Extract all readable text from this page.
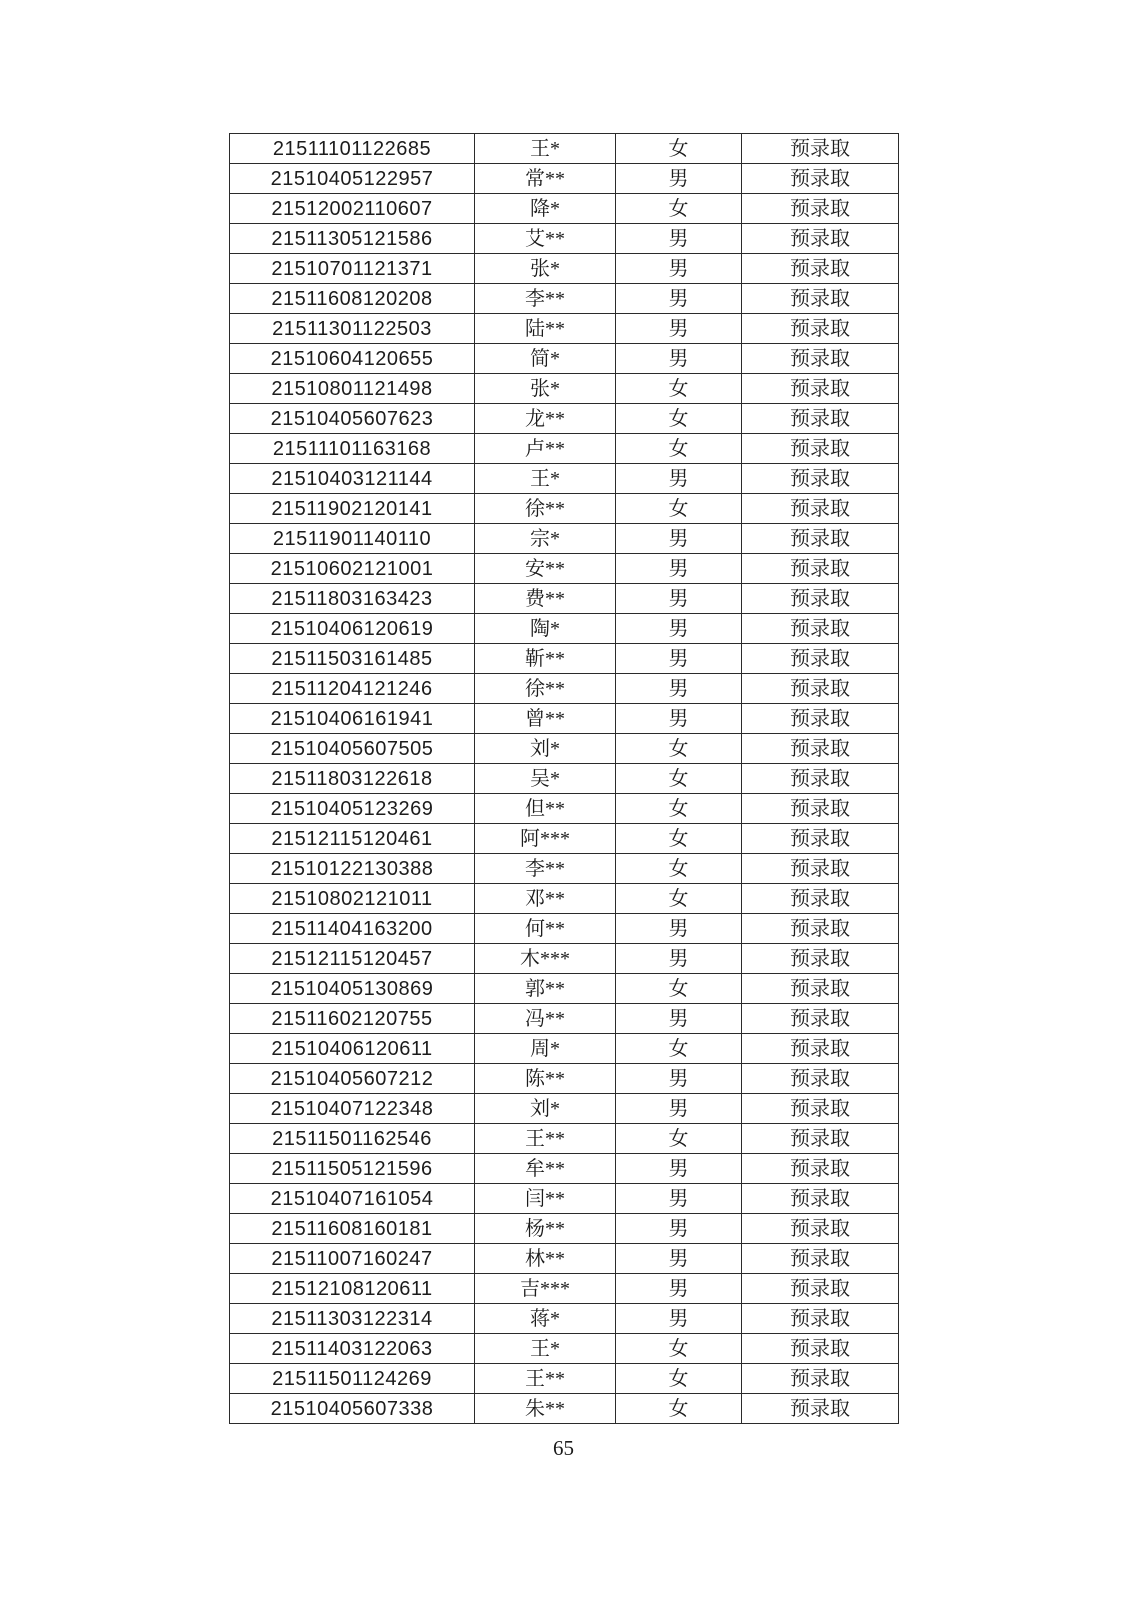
21511101122685	王*	女	预录取
21510405122957	常**	男	预录取
21512002110607	降*	女	预录取
21511305121586	艾**	男	预录取
21510701121371	张*	男	预录取
21511608120208	李**	男	预录取
21511301122503	陆**	男	预录取
21510604120655	简*	男	预录取
21510801121498	张*	女	预录取
21510405607623	龙**	女	预录取
21511101163168	卢**	女	预录取
21510403121144	王*	男	预录取
21511902120141	徐**	女	预录取
21511901140110	宗*	男	预录取
21510602121001	安**	男	预录取
21511803163423	费**	男	预录取
21510406120619	陶*	男	预录取
21511503161485	靳**	男	预录取
21511204121246	徐**	男	预录取
21510406161941	曾**	男	预录取
21510405607505	刘*	女	预录取
21511803122618	吴*	女	预录取
21510405123269	但**	女	预录取
21512115120461	阿***	女	预录取
21510122130388	李**	女	预录取
21510802121011	邓**	女	预录取
21511404163200	何**	男	预录取
21512115120457	木***	男	预录取
21510405130869	郭**	女	预录取
21511602120755	冯**	男	预录取
21510406120611	周*	女	预录取
21510405607212	陈**	男	预录取
21510407122348	刘*	男	预录取
21511501162546	王**	女	预录取
21511505121596	牟**	男	预录取
21510407161054	闫**	男	预录取
21511608160181	杨**	男	预录取
21511007160247	林**	男	预录取
21512108120611	吉***	男	预录取
21511303122314	蒋*	男	预录取
21511403122063	王*	女	预录取
21511501124269	王**	女	预录取
21510405607338	朱**	女	预录取
65
